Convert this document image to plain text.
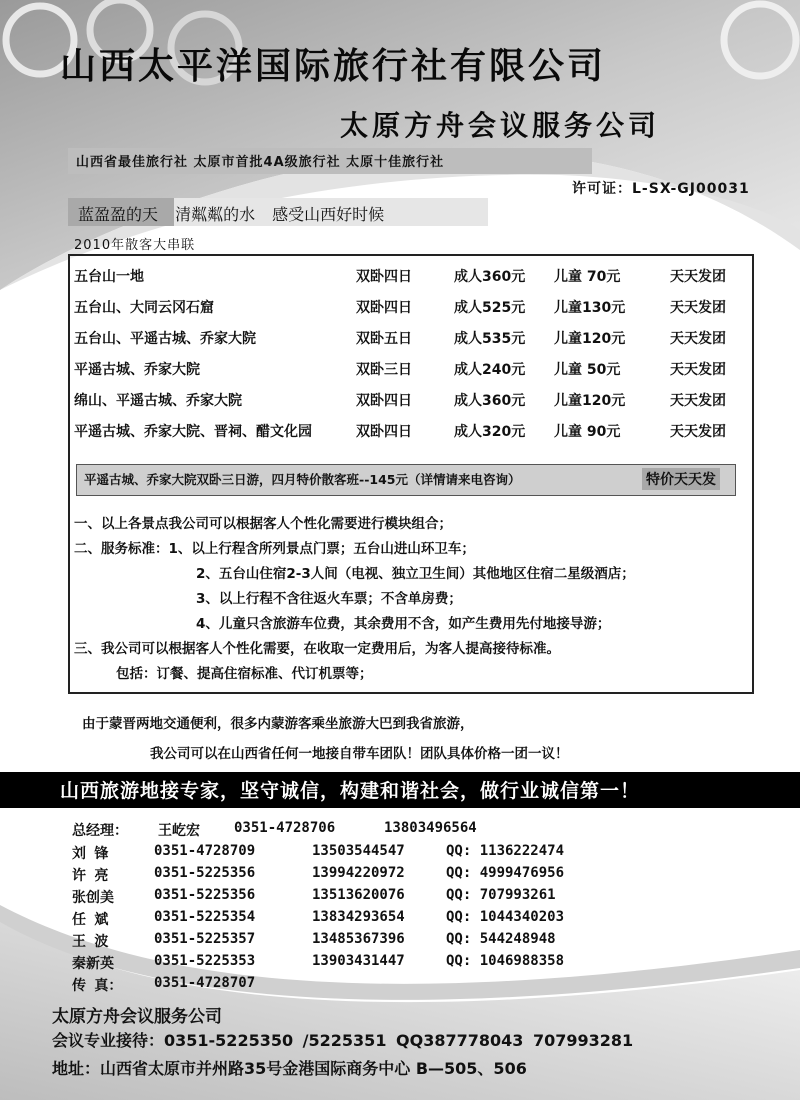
山西太平洋国际旅行社有限公司
太原方舟会议服务公司
山西省最佳旅行社 太原市首批4A级旅行社 太原十佳旅行社
许可证：L-SX-GJ00031
蓝盈盈的天 清粼粼的水 感受山西好时候
2010年散客大串联
五台山一地	双卧四日	成人360元 儿童 70元	天天发团
五台山、大同云冈石窟	双卧四日	成人525元 儿童130元	天天发团
五台山、平遥古城、乔家大院	双卧五日	成人535元 儿童120元	天天发团
平遥古城、乔家大院	双卧三日	成人240元 儿童 50元	天天发团
绵山、平遥古城、乔家大院	双卧四日	成人360元 儿童120元	天天发团
平遥古城、乔家大院、晋祠、醋文化园	双卧四日	成人320元 儿童 90元	天天发团
平遥古城、乔家大院双卧三日游，四月特价散客班--145元（详情请来电咨询）	特价天天发
一、以上各景点我公司可以根据客人个性化需要进行模块组合；
二、服务标准：1、以上行程含所列景点门票；五台山进山环卫车；
2、五台山住宿2-3人间（电视、独立卫生间）其他地区住宿二星级酒店；
3、以上行程不含往返火车票；不含单房费；
4、儿童只含旅游车位费，其余费用不含，如产生费用先付地接导游；
三、我公司可以根据客人个性化需要，在收取一定费用后，为客人提高接待标准。
包括：订餐、提高住宿标准、代订机票等；
由于蒙晋两地交通便利，很多内蒙游客乘坐旅游大巴到我省旅游，
我公司可以在山西省任何一地接自带车团队！团队具体价格一团一议！
山西旅游地接专家，坚守诚信，构建和谐社会，做行业诚信第一！
总经理： 王屹宏 0351-4728706	13803496564
刘 锋	0351-4728709	13503544547	QQ: 1136222474
许 亮	0351-5225356	13994220972	QQ: 4999476956
张创美	0351-5225356	13513620076	QQ: 707993261
任 斌	0351-5225354	13834293654	QQ: 1044340203
王 波	0351-5225357	13485367396	QQ: 544248948
秦新英	0351-5225353	13903431447	QQ: 1046988358
传 真： 0351-4728707
太原方舟会议服务公司
会议专业接待：0351-5225350 /5225351 QQ387778043 707993281
地址：山西省太原市并州路35号金港国际商务中心 B—505、506
